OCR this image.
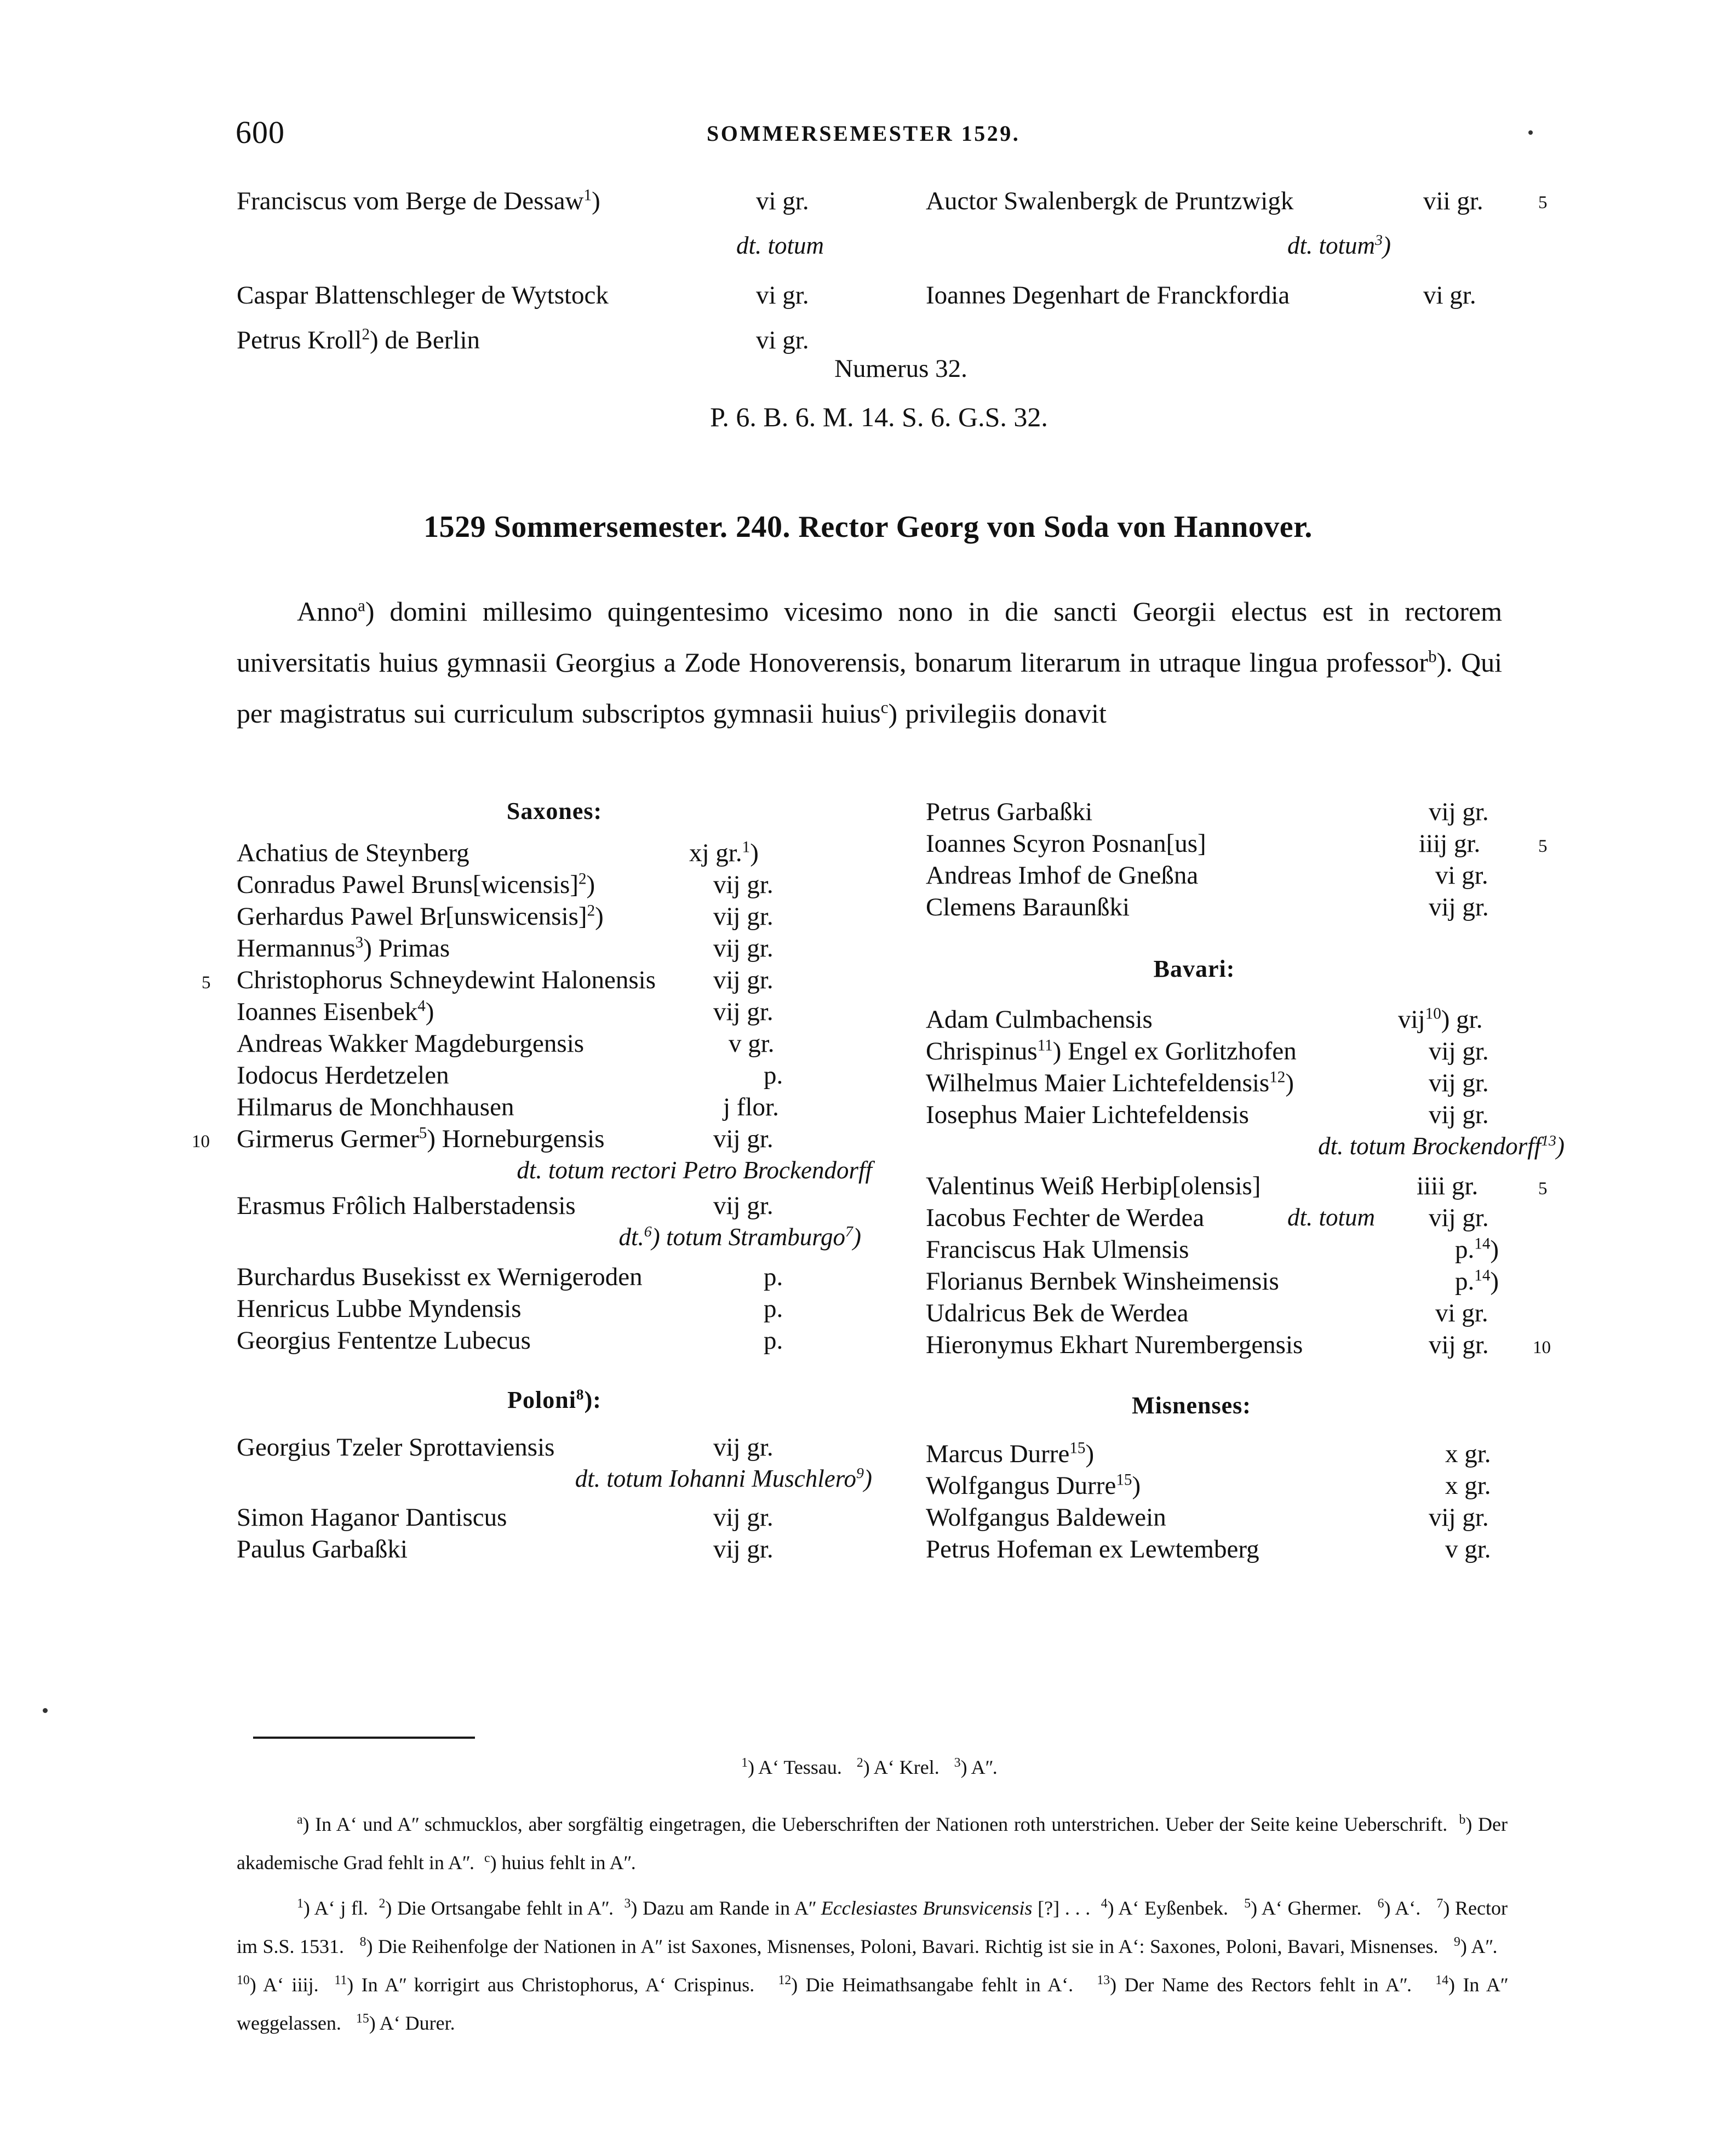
600	SOMMERSEMESTER 1529.
Franciscus vom Berge de Dessaw$^1$)	vi gr.
dt. totum
Caspar Blattenschleger de Wytstock	vi gr.
Petrus Kroll$^2$) de Berlin	vi gr.
Auctor Swalenbergk de Pruntzwigk	vii gr.	5
dt. totum$^3$)
Ioannes Degenhart de Franckfordia	vi gr.
Numerus 32.
P. 6. B. 6. M. 14. S. 6. G.S. 32.
1529 Sommersemester. 240. Rector Georg von Soda von Hannover.
Anno$^a$) domini millesimo quingentesimo vicesimo nono in die sancti Georgii electus est in rectorem universitatis huius gymnasii Georgius a Zode Honoverensis, bonarum literarum in utraque lingua professor$^b$). Qui per magistratus sui curriculum subscriptos gymnasii huius$^c$) privilegiis donavit
Saxones:
Achatius de Steynberg	xj gr.$^1$)
Conradus Pawel Bruns[wicensis]$^2$)	vij gr.
Gerhardus Pawel Br[unswicensis]$^2$)	vij gr.
Hermannus$^3$) Primas	vij gr.
5 Christophorus Schneydewint Halonensis vij gr.
Ioannes Eisenbek$^4$)	vij gr.
Andreas Wakker Magdeburgensis	v gr.
Iodocus Herdetzelen	p.
Hilmarus de Monchhausen	j flor.
10 Girmerus Germer$^5$) Horneburgensis	vij gr.
dt. totum rectori Petro Brockendorff
Erasmus Frôlich Halberstadensis	vij gr.
dt.$^6$) totum Stramburgo$^7$)
Burchardus Busekisst ex Wernigeroden	p.
Henricus Lubbe Myndensis	p.
Georgius Fententze Lubecus	p.
Poloni$^8$):
Georgius Tzeler Sprottaviensis	vij gr.
dt. totum Iohanni Muschlero$^9$)
Simon Haganor Dantiscus	vij gr.
Paulus Garbaßki	vij gr.
Petrus Garbaßki	vij gr.
Ioannes Scyron Posnan[us]	iiij gr.	5
Andreas Imhof de Gneßna	vi gr.
Clemens Baraunßki	vij gr.
Bavari:
Adam Culmbachensis	vij$^{10}$) gr.
Chrispinus$^{11}$) Engel ex Gorlitzhofen	vij gr.
Wilhelmus Maier Lichtefeldensis$^{12}$)	vij gr.
Iosephus Maier Lichtefeldensis	vij gr.
dt. totum Brockendorff$^{13}$)
Valentinus Weiß Herbip[olensis]	iiii gr.	5
Iacobus Fechter de Werdea	dt. totum vij gr.
Franciscus Hak Ulmensis	p.$^{14}$)
Florianus Bernbek Winsheimensis	p.$^{14}$)
Udalricus Bek de Werdea	vi gr.
Hieronymus Ekhart Nurembergensis	vij gr. 10
Misnenses:
Marcus Durre$^{15}$)	x gr.
Wolfgangus Durre$^{15}$)	x gr.
Wolfgangus Baldewein	vij gr.
Petrus Hofeman ex Lewtemberg	v gr.
$^1$) Aʻ Tessau. $^2$) Aʻ Krel. $^3$) Aʺ.
$^a$) In Aʻ und Aʺ schmucklos, aber sorgfältig eingetragen, die Ueberschriften der Nationen roth unterstrichen. Ueber der Seite keine Ueberschrift. $^b$) Der akademische Grad fehlt in Aʺ. $^c$) huius fehlt in Aʺ.
$^1$) Aʻ j fl. $^2$) Die Ortsangabe fehlt in Aʺ. $^3$) Dazu am Rande in Aʺ Ecclesiastes Brunsvicensis [?] . . . $^4$) Aʻ Eyßenbek. $^5$) Aʻ Ghermer. $^6$) Aʻ. $^7$) Rector im S.S. 1531. $^8$) Die Reihenfolge der Nationen in Aʺ ist Saxones, Misnenses, Poloni, Bavari. Richtig ist sie in Aʻ: Saxones, Poloni, Bavari, Misnenses. $^9$) Aʺ.   $^{10}$) Aʻ iiij. $^{11}$) In Aʺ korrigirt aus Christophorus, Aʻ Crispinus. $^{12}$) Die Heimathsangabe fehlt in Aʻ. $^{13}$) Der Name des Rectors fehlt in Aʺ. $^{14}$) In Aʺ weggelassen. $^{15}$) Aʻ Durer.
